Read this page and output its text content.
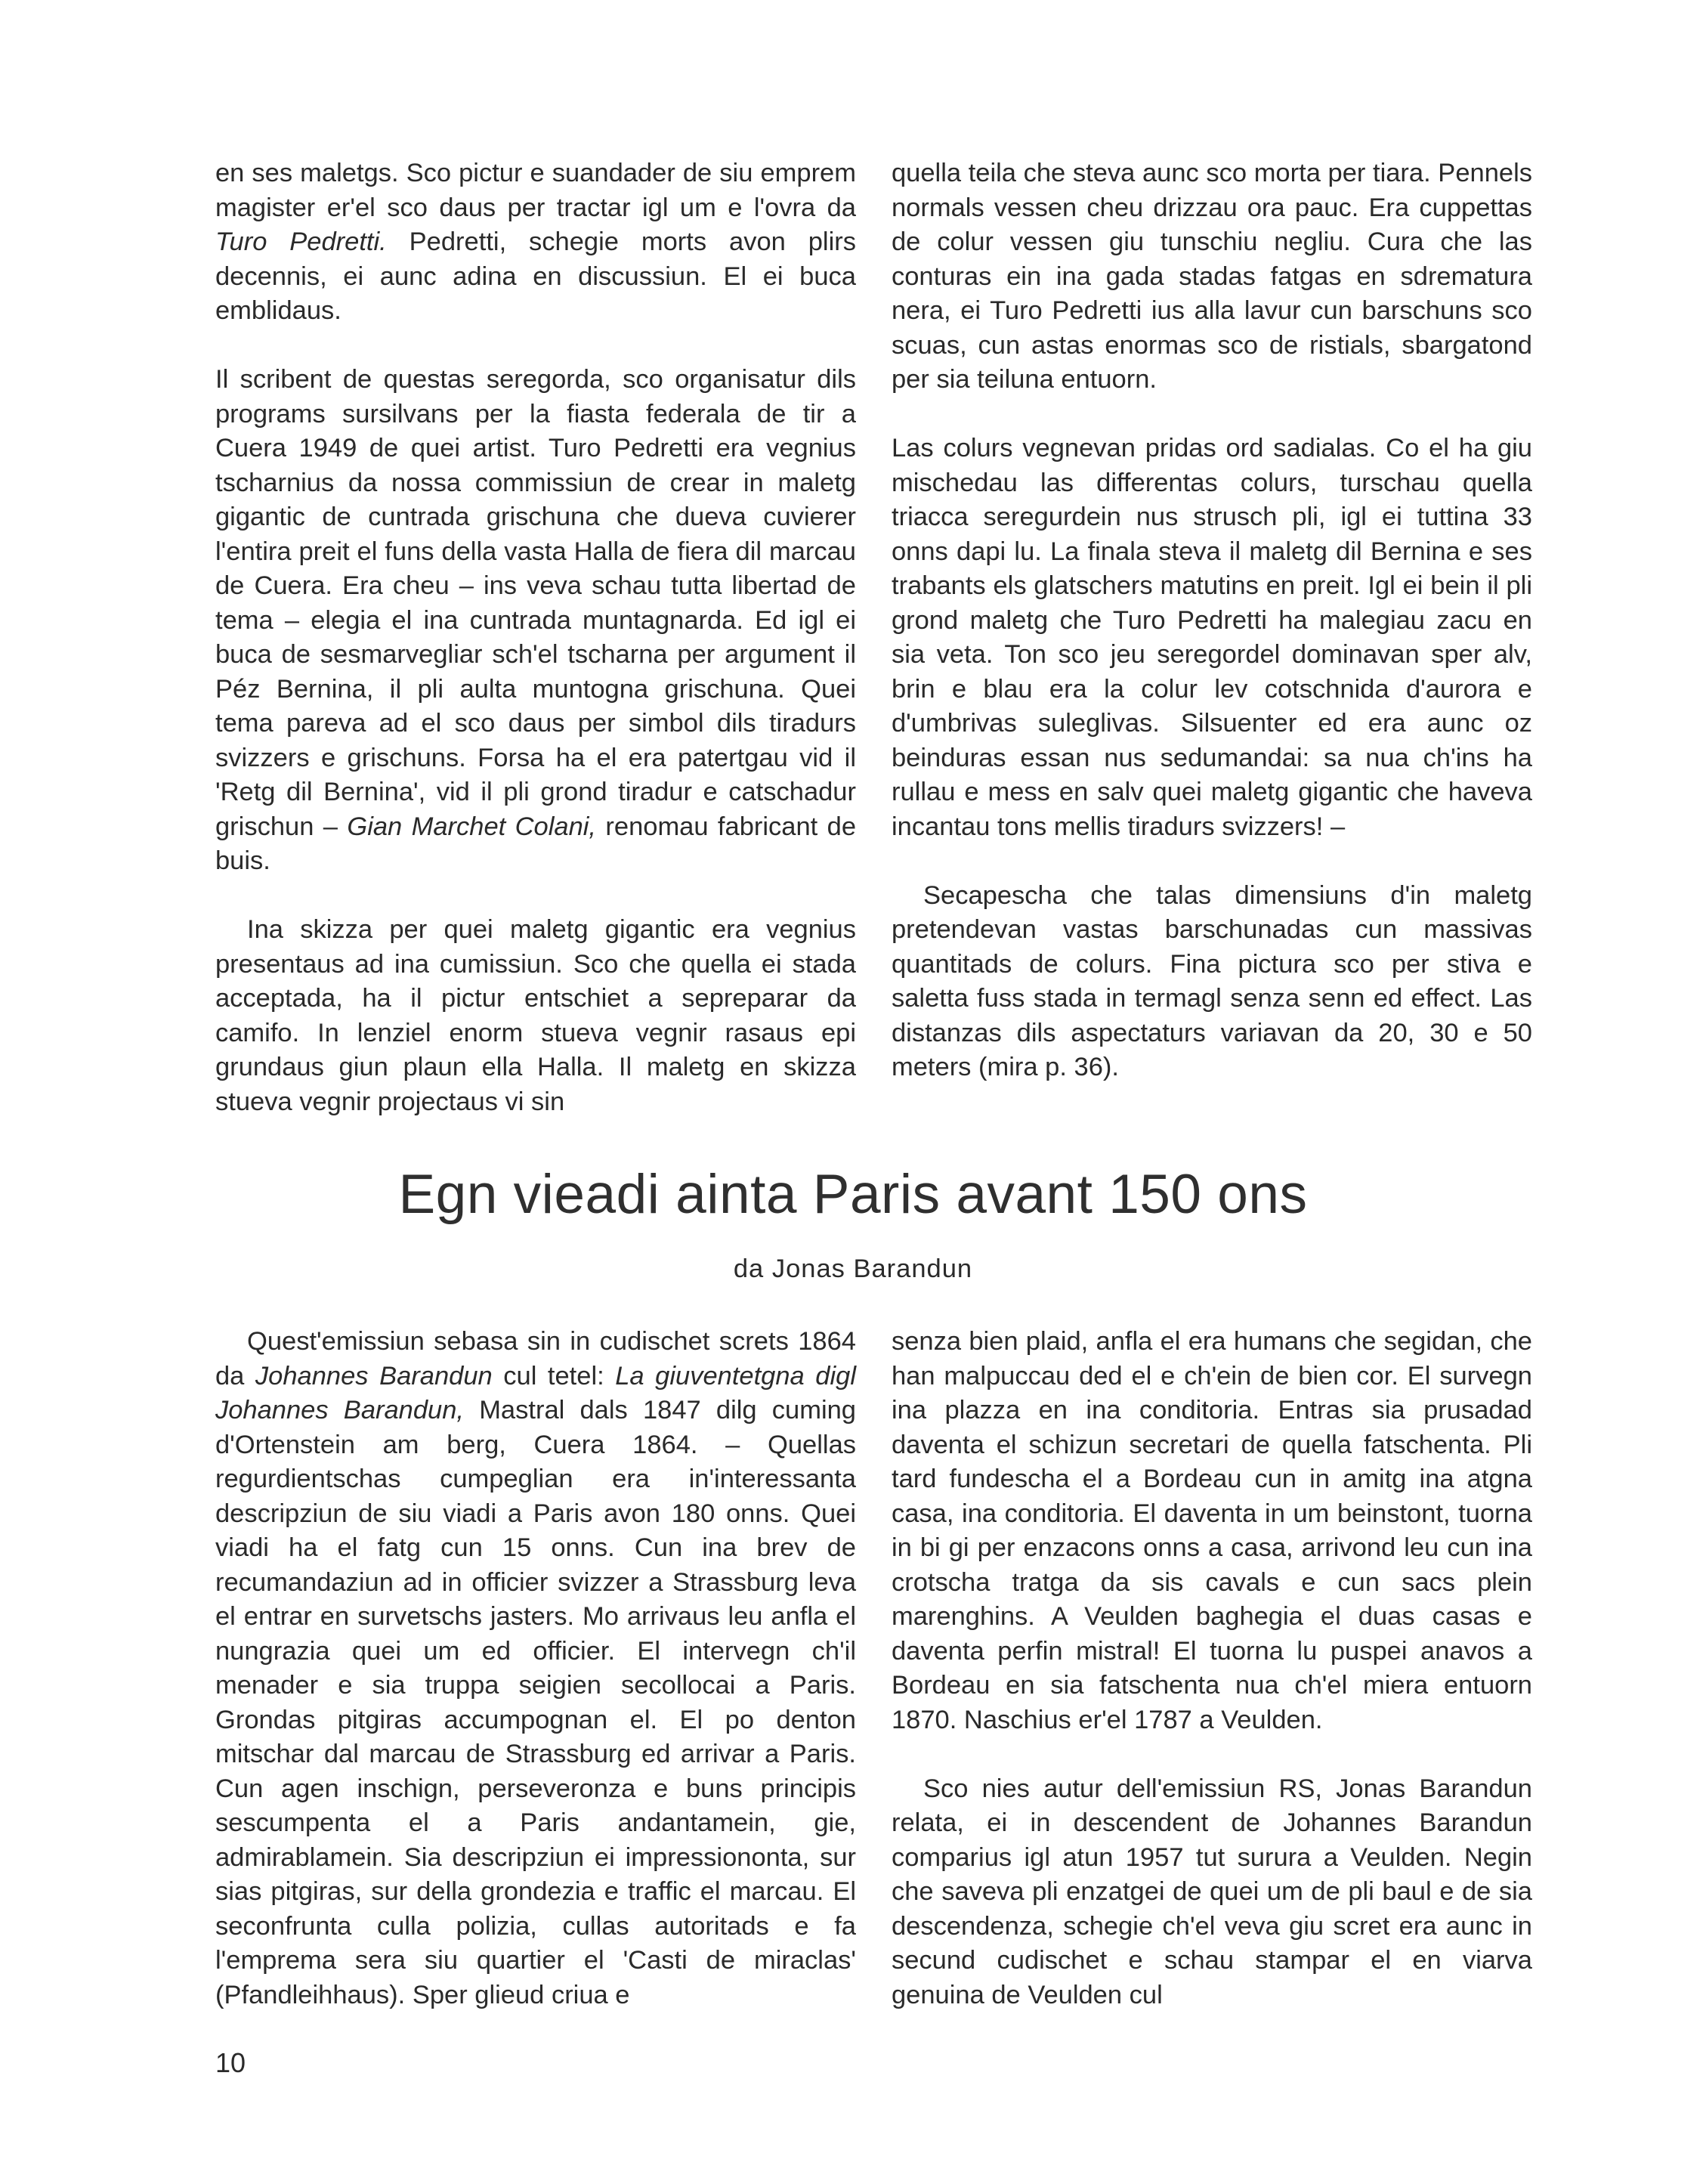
en ses maletgs. Sco pictur e suandader de siu emprem magister er'el sco daus per tractar igl um e l'ovra da Turo Pedretti. Pedretti, schegie morts avon plirs decennis, ei aunc adina en discussiun. El ei buca emblidaus.

Il scribent de questas seregorda, sco organisatur dils programs sursilvans per la fiasta federala de tir a Cuera 1949 de quei artist. Turo Pedretti era vegnius tscharnius da nossa commissiun de crear in maletg gigantic de cuntrada grischuna che dueva cuvierer l'entira preit el funs della vasta Halla de fiera dil marcau de Cuera. Era cheu – ins veva schau tutta libertad de tema – elegia el ina cuntrada muntagnarda. Ed igl ei buca de sesmarvegliar sch'el tscharna per argument il Péz Bernina, il pli aulta muntogna grischuna. Quei tema pareva ad el sco daus per simbol dils tiradurs svizzers e grischuns. Forsa ha el era patertgau vid il 'Retg dil Bernina', vid il pli grond tiradur e catschadur grischun – Gian Marchet Colani, renomau fabricant de buis.

Ina skizza per quei maletg gigantic era vegnius presentaus ad ina cumissiun. Sco che quella ei stada acceptada, ha il pictur entschiet a sepreparar da camifo. In lenziel enorm stueva vegnir rasaus epi grundaus giun plaun ella Halla. Il maletg en skizza stueva vegnir projectaus vi sin

quella teila che steva aunc sco morta per tiara. Pennels normals vessen cheu drizzau ora pauc. Era cuppettas de colur vessen giu tunschiu negliu. Cura che las conturas ein ina gada stadas fatgas en sdrematura nera, ei Turo Pedretti ius alla lavur cun barschuns sco scuas, cun astas enormas sco de ristials, sbargatond per sia teiluna entuorn.

Las colurs vegnevan pridas ord sadialas. Co el ha giu mischedau las differentas colurs, turschau quella triacca seregurdein nus strusch pli, igl ei tuttina 33 onns dapi lu. La finala steva il maletg dil Bernina e ses trabants els glatschers matutins en preit. Igl ei bein il pli grond maletg che Turo Pedretti ha malegiau zacu en sia veta. Ton sco jeu seregordel dominavan sper alv, brin e blau era la colur lev cotschnida d'aurora e d'umbrivas suleglivas. Silsuenter ed era aunc oz beinduras essan nus sedumandai: sa nua ch'ins ha rullau e mess en salv quei maletg gigantic che haveva incantau tons mellis tiradurs svizzers! –

Secapescha che talas dimensiuns d'in maletg pretendevan vastas barschunadas cun massivas quantitads de colurs. Fina pictura sco per stiva e saletta fuss stada in termagl senza senn ed effect. Las distanzas dils aspectaturs variavan da 20, 30 e 50 meters (mira p. 36).

Egn vieadi ainta Paris avant 150 ons
da Jonas Barandun

Quest'emissiun sebasa sin in cudischet screts 1864 da Johannes Barandun cul tetel: La giuventetgna digl Johannes Barandun, Mastral dals 1847 dilg cuming d'Ortenstein am berg, Cuera 1864. – Quellas regurdientschas cumpeglian era in'interessanta descripziun de siu viadi a Paris avon 180 onns. Quei viadi ha el fatg cun 15 onns. Cun ina brev de recumandaziun ad in officier svizzer a Strassburg leva el entrar en survetschs jasters. Mo arrivaus leu anfla el nungrazia quei um ed officier. El intervegn ch'il menader e sia truppa seigien secollocai a Paris. Grondas pitgiras accumpognan el. El po denton mitschar dal marcau de Strassburg ed arrivar a Paris. Cun agen inschign, perseveronza e buns principis sescumpenta el a Paris andantamein, gie, admirablamein. Sia descripziun ei impressiononta, sur sias pitgiras, sur della grondezia e traffic el marcau. El seconfrunta culla polizia, cullas autoritads e fa l'emprema sera siu quartier el 'Casti de miraclas' (Pfandleihhaus). Sper glieud criua e

senza bien plaid, anfla el era humans che segidan, che han malpuccau ded el e ch'ein de bien cor. El survegn ina plazza en ina conditoria. Entras sia prusadad daventa el schizun secretari de quella fatschenta. Pli tard fundescha el a Bordeau cun in amitg ina atgna casa, ina conditoria. El daventa in um beinstont, tuorna in bi gi per enzacons onns a casa, arrivond leu cun ina crotscha tratga da sis cavals e cun sacs plein marenghins. A Veulden baghegia el duas casas e daventa perfin mistral! El tuorna lu puspei anavos a Bordeau en sia fatschenta nua ch'el miera entuorn 1870. Naschius er'el 1787 a Veulden.

Sco nies autur dell'emissiun RS, Jonas Barandun relata, ei in descendent de Johannes Barandun comparius igl atun 1957 tut surura a Veulden. Negin che saveva pli enzatgei de quei um de pli baul e de sia descendenza, schegie ch'el veva giu scret era aunc in secund cudischet e schau stampar el en viarva genuina de Veulden cul

10
